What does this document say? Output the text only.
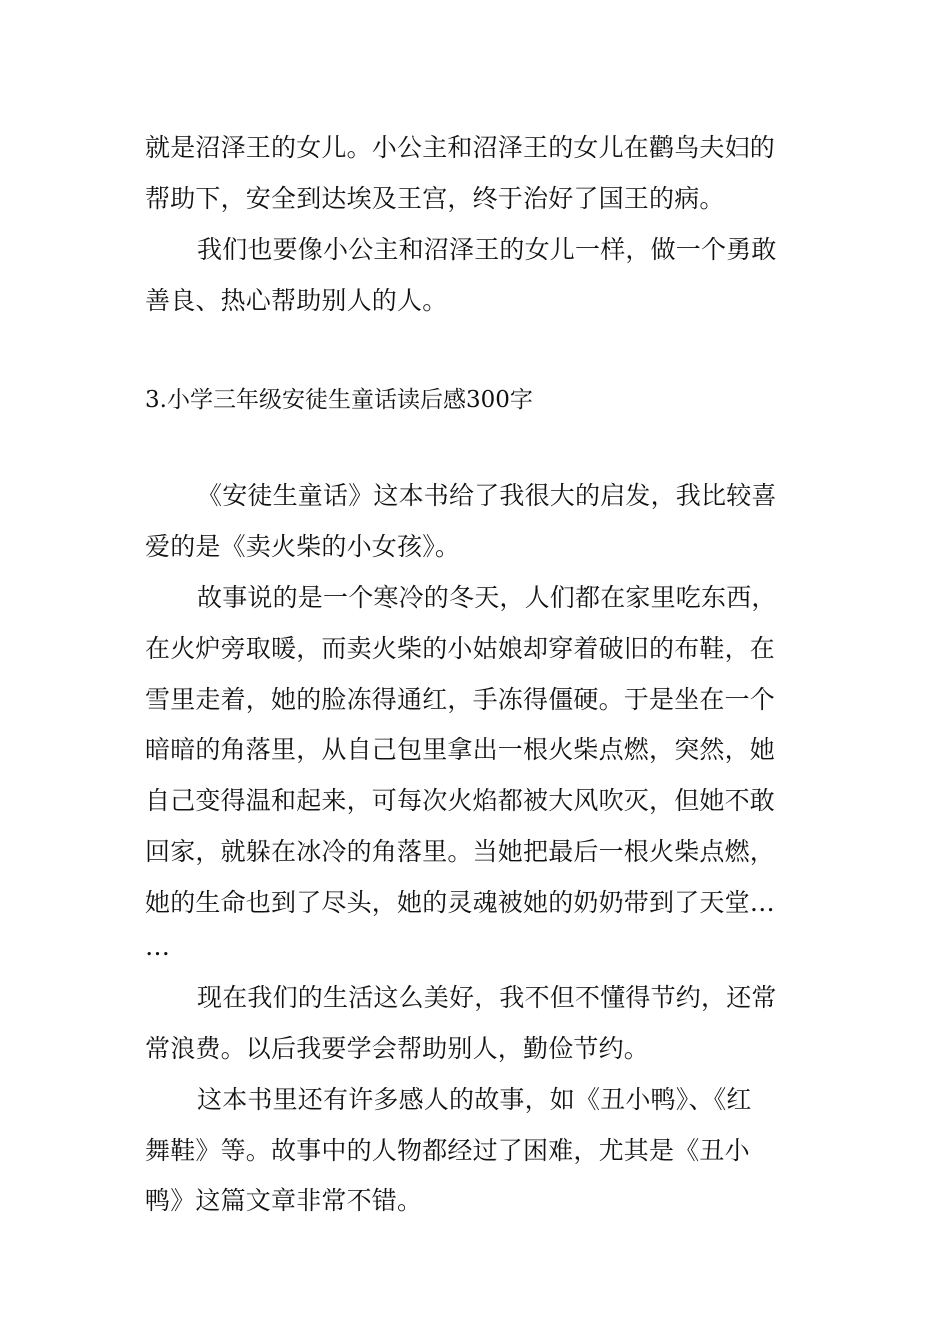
就是沼泽王的女儿。小公主和沼泽王的女儿在鹳鸟夫妇的
帮助下，安全到达埃及王宫，终于治好了国王的病。
我们也要像小公主和沼泽王的女儿一样，做一个勇敢
善良、热心帮助别人的人。
3.小学三年级安徒生童话读后感300字
《安徒生童话》这本书给了我很大的启发，我比较喜
爱的是《卖火柴的小女孩》。
故事说的是一个寒冷的冬天，人们都在家里吃东西，
在火炉旁取暖，而卖火柴的小姑娘却穿着破旧的布鞋，在
雪里走着，她的脸冻得通红，手冻得僵硬。于是坐在一个
暗暗的角落里，从自己包里拿出一根火柴点燃，突然，她
自己变得温和起来，可每次火焰都被大风吹灭，但她不敢
回家，就躲在冰冷的角落里。当她把最后一根火柴点燃，
她的生命也到了尽头，她的灵魂被她的奶奶带到了天堂…
…
现在我们的生活这么美好，我不但不懂得节约，还常
常浪费。以后我要学会帮助别人，勤俭节约。
这本书里还有许多感人的故事，如《丑小鸭》、《红
舞鞋》等。故事中的人物都经过了困难，尤其是《丑小
鸭》这篇文章非常不错。
